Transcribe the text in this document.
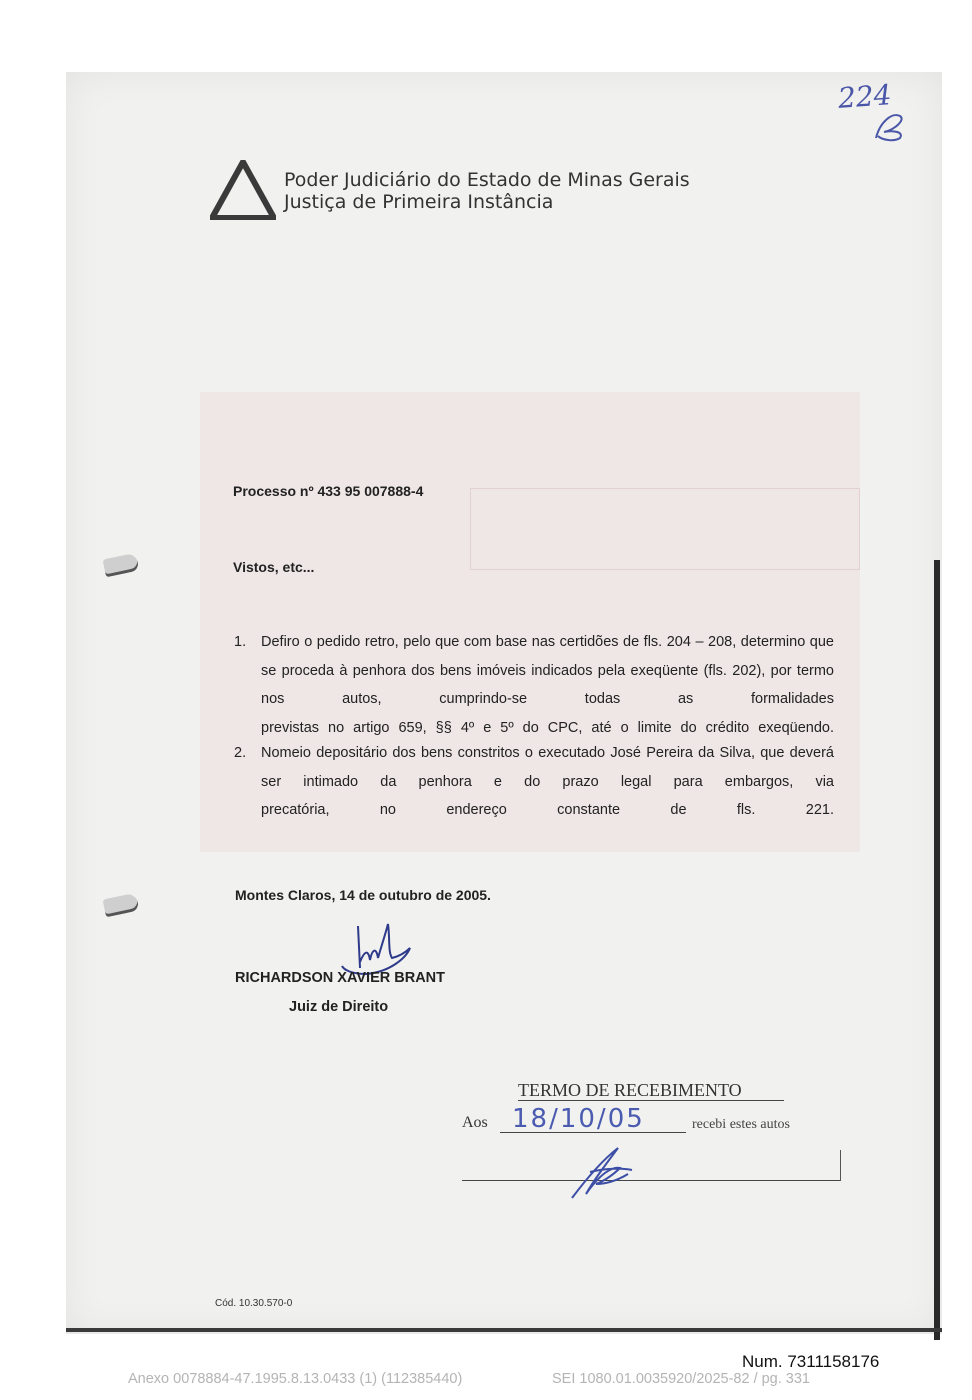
Poder Judiciário do Estado de Minas Gerais
Justiça de Primeira Instância
224
Processo nº 433 95 007888-4
Vistos, etc...
1. Defiro o pedido retro, pelo que com base nas certidões de fls. 204 – 208, determino que se proceda à penhora dos bens imóveis indicados pela exeqüente (fls. 202), por termo nos autos, cumprindo-se todas as formalidades
previstas no artigo 659, §§ 4º e 5º do CPC, até o limite do crédito exeqüendo.
2. Nomeio depositário dos bens constritos o executado José Pereira da Silva, que deverá ser intimado da penhora e do prazo legal para embargos, via
precatória, no endereço constante de fls. 221.
Montes Claros, 14 de outubro de 2005.
RICHARDSON XAVIER BRANT
Juiz de Direito
TERMO DE RECEBIMENTO
Aos 18/10/05	recebi estes autos
Cód. 10.30.570-0
Num. 7311158176
Anexo 0078884-47.1995.8.13.0433 (1) (112385440)	SEI 1080.01.0035920/2025-82 / pg. 331
